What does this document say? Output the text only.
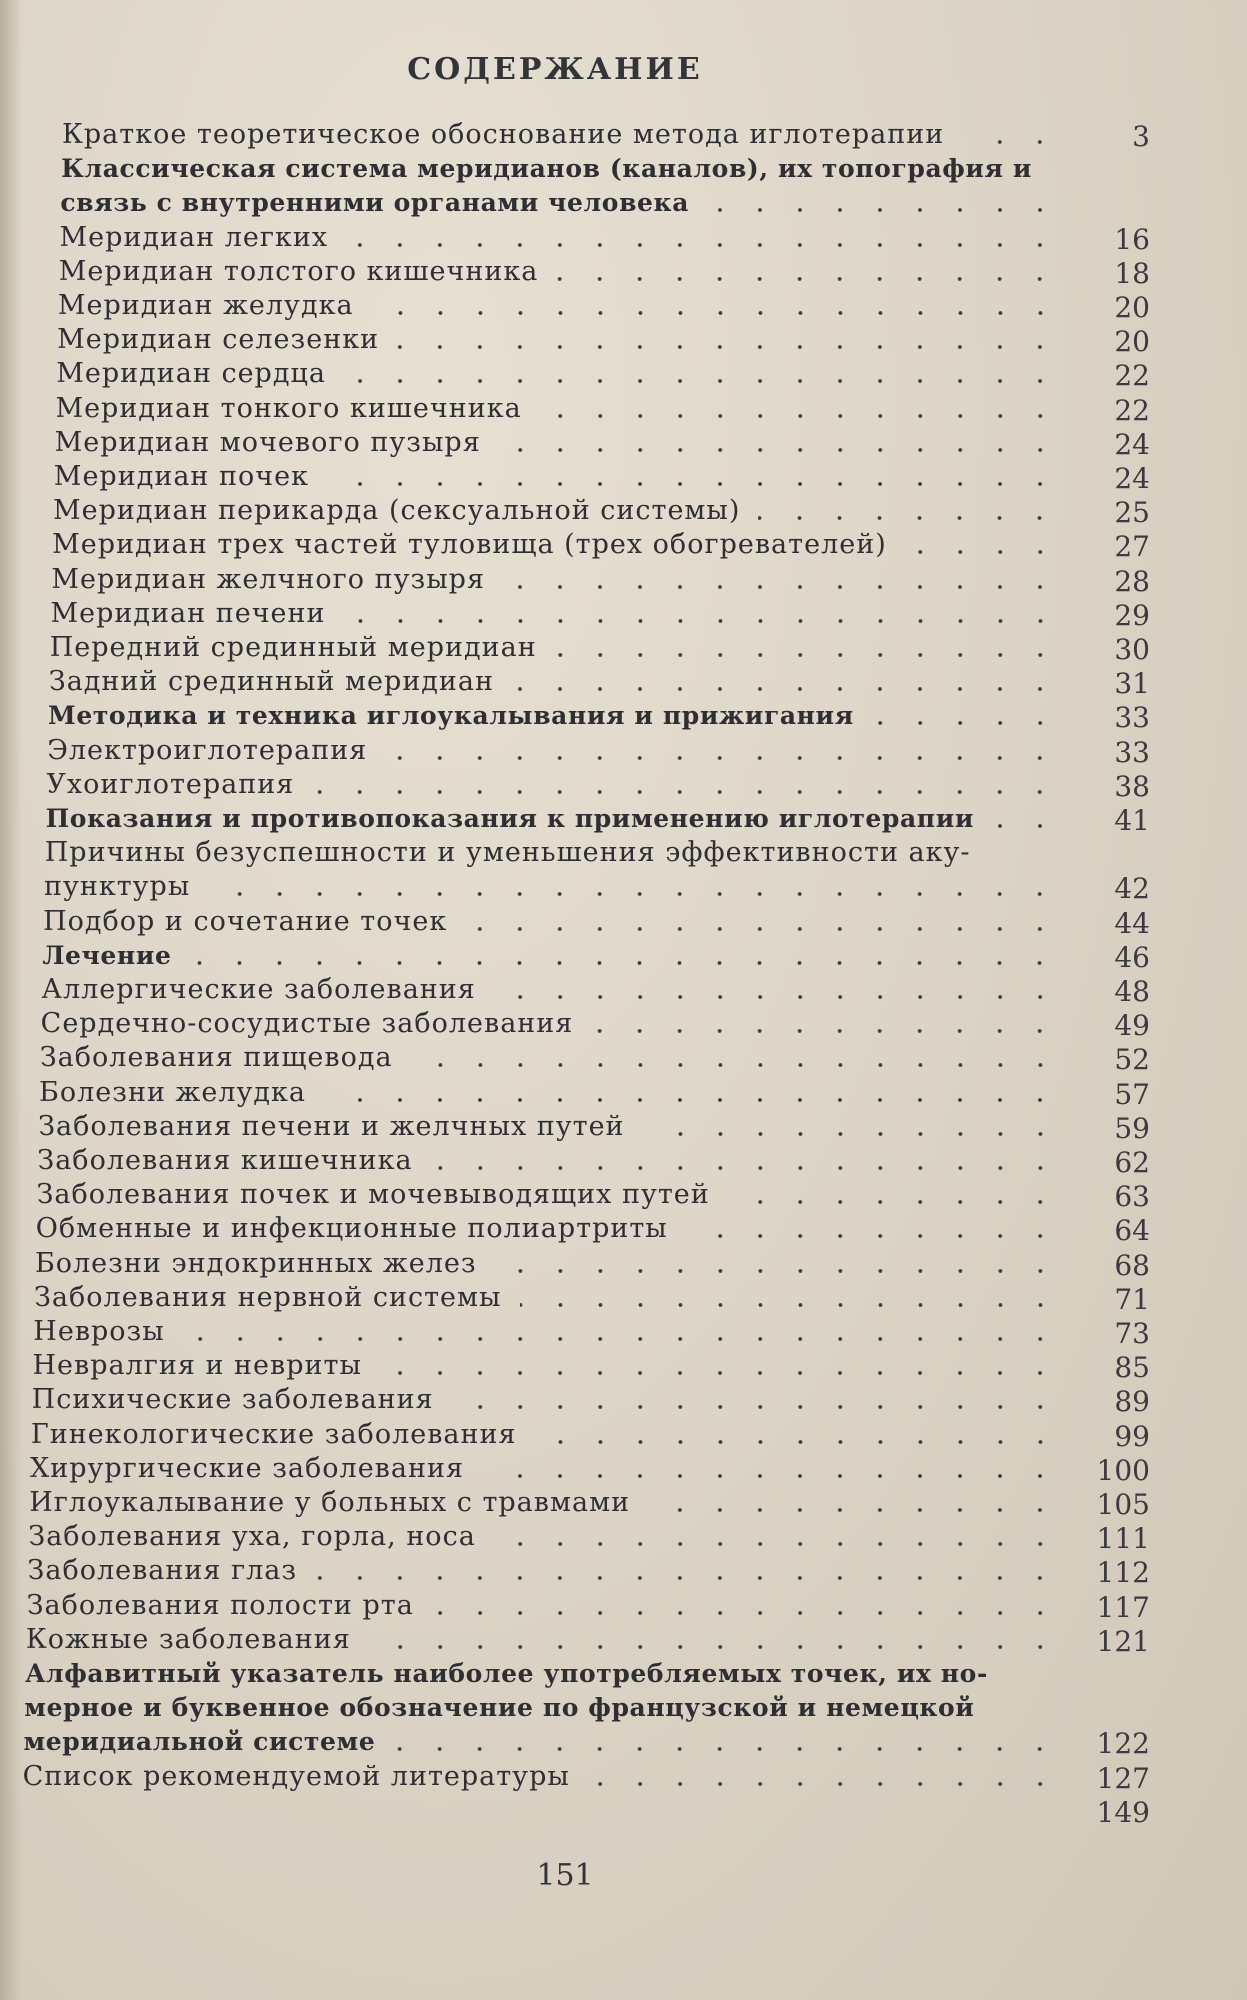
СОДЕРЖАНИЕ
Краткое теоретическое обоснование метода иглотерапии	3
Классическая система меридианов (каналов), их топография и
связь с внутренними органами человека
Меридиан легких	16
Меридиан толстого кишечника	18
Меридиан желудка	20
Меридиан селезенки	20
Меридиан сердца	22
Меридиан тонкого кишечника	22
Меридиан мочевого пузыря	24
Меридиан почек	24
Меридиан перикарда (сексуальной системы)	25
Меридиан трех частей туловища (трех обогревателей)	27
Меридиан желчного пузыря	28
Меридиан печени	29
Передний срединный меридиан	30
Задний срединный меридиан	31
Методика и техника иглоукалывания и прижигания	33
Электроиглотерапия	33
Ухоиглотерапия	38
Показания и противопоказания к применению иглотерапии	41
Причины безуспешности и уменьшения эффективности аку-
пунктуры	42
Подбор и сочетание точек	44
Лечение	46
Аллергические заболевания	48
Сердечно-сосудистые заболевания	49
Заболевания пищевода	52
Болезни желудка	57
Заболевания печени и желчных путей	59
Заболевания кишечника	62
Заболевания почек и мочевыводящих путей	63
Обменные и инфекционные полиартриты	64
Болезни эндокринных желез	68
Заболевания нервной системы	71
Неврозы	73
Невралгия и невриты	85
Психические заболевания	89
Гинекологические заболевания	99
Хирургические заболевания	100
Иглоукалывание у больных с травмами	105
Заболевания уха, горла, носа	111
Заболевания глаз	112
Заболевания полости рта	117
Кожные заболевания	121
Алфавитный указатель наиболее употребляемых точек, их но-
мерное и буквенное обозначение по французской и немецкой
меридиальной системе	122
Список рекомендуемой литературы	127
149
151
